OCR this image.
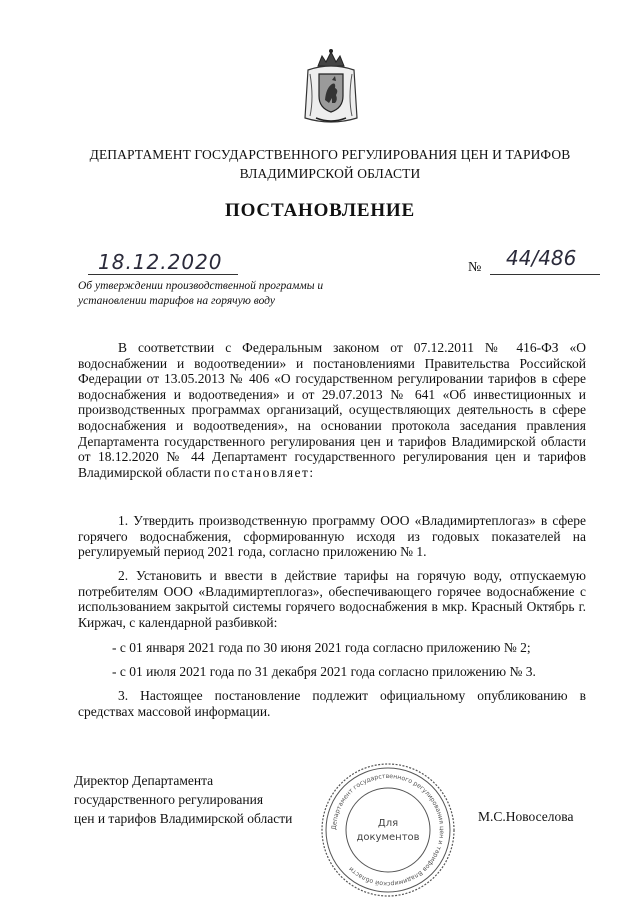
ДЕПАРТАМЕНТ ГОСУДАРСТВЕННОГО РЕГУЛИРОВАНИЯ ЦЕН И ТАРИФОВ
ВЛАДИМИРСКОЙ ОБЛАСТИ
ПОСТАНОВЛЕНИЕ
18.12.2020	№ 44/486
Об утверждении производственной программы и установлении тарифов на горячую воду
В соответствии с Федеральным законом от 07.12.2011 № 416-ФЗ «О водоснабжении и водоотведении» и постановлениями Правительства Российской Федерации от 13.05.2013 № 406 «О государственном регулировании тарифов в сфере водоснабжения и водоотведения» и от 29.07.2013 № 641 «Об инвестиционных и производственных программах организаций, осуществляющих деятельность в сфере водоснабжения и водоотведения», на основании протокола заседания правления Департамента государственного регулирования цен и тарифов Владимирской области от 18.12.2020 № 44 Департамент государственного регулирования цен и тарифов Владимирской области постановляет:
1. Утвердить производственную программу ООО «Владимиртеплогаз» в сфере горячего водоснабжения, сформированную исходя из годовых показателей на регулируемый период 2021 года, согласно приложению № 1.
2. Установить и ввести в действие тарифы на горячую воду, отпускаемую потребителям ООО «Владимиртеплогаз», обеспечивающего горячее водоснабжение с использованием закрытой системы горячего водоснабжения в мкр. Красный Октябрь г. Киржач, с календарной разбивкой:
- с 01 января 2021 года по 30 июня 2021 года согласно приложению № 2;
- с 01 июля 2021 года по 31 декабря 2021 года согласно приложению № 3.
3. Настоящее постановление подлежит официальному опубликованию в средствах массовой информации.
Директор Департамента
государственного регулирования
цен и тарифов Владимирской области
Департамент государственного регулирования цен и тарифов Владимирской области
Для
документов
М.С.Новоселова
